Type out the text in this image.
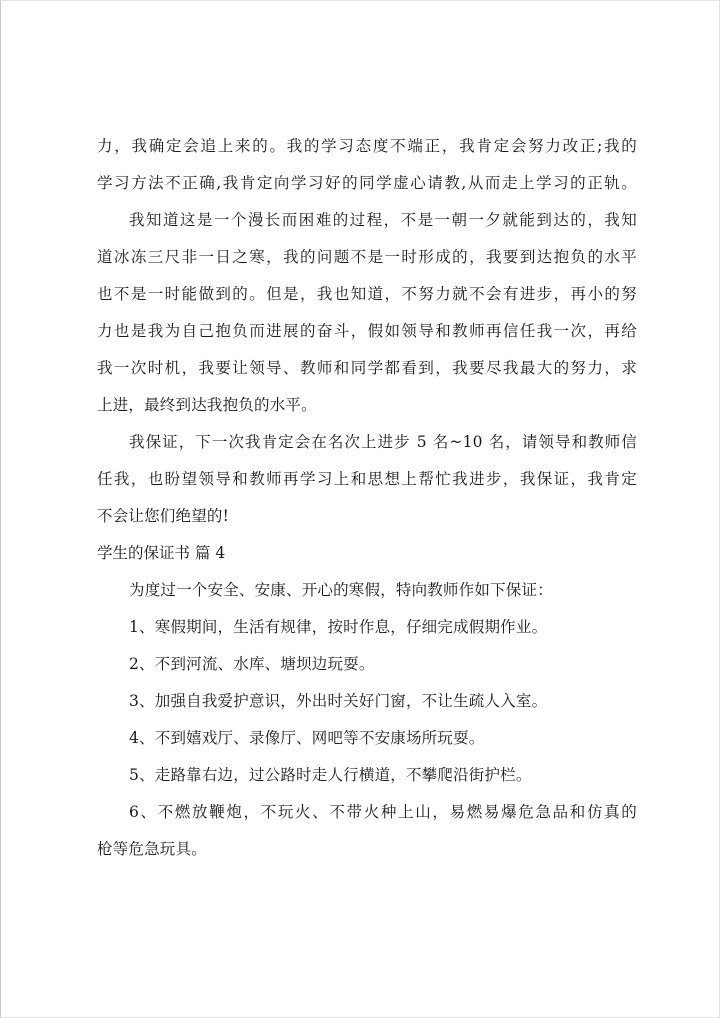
力，我确定会追上来的。我的学习态度不端正，我肯定会努力改正;我的
学习方法不正确,我肯定向学习好的同学虚心请教,从而走上学习的正轨。
我知道这是一个漫长而困难的过程，不是一朝一夕就能到达的，我知
道冰冻三尺非一日之寒，我的问题不是一时形成的，我要到达抱负的水平
也不是一时能做到的。但是，我也知道，不努力就不会有进步，再小的努
力也是我为自己抱负而进展的奋斗，假如领导和教师再信任我一次，再给
我一次时机，我要让领导、教师和同学都看到，我要尽我最大的努力，求
上进，最终到达我抱负的水平。
我保证，下一次我肯定会在名次上进步 5 名~10 名，请领导和教师信
任我，也盼望领导和教师再学习上和思想上帮忙我进步，我保证，我肯定
不会让您们绝望的!
学生的保证书 篇 4
为度过一个安全、安康、开心的寒假，特向教师作如下保证：
1、寒假期间，生活有规律，按时作息，仔细完成假期作业。
2、不到河流、水库、塘坝边玩耍。
3、加强自我爱护意识，外出时关好门窗，不让生疏人入室。
4、不到嬉戏厅、录像厅、网吧等不安康场所玩耍。
5、走路靠右边，过公路时走人行横道，不攀爬沿街护栏。
6、不燃放鞭炮，不玩火、不带火种上山，易燃易爆危急品和仿真的
枪等危急玩具。
